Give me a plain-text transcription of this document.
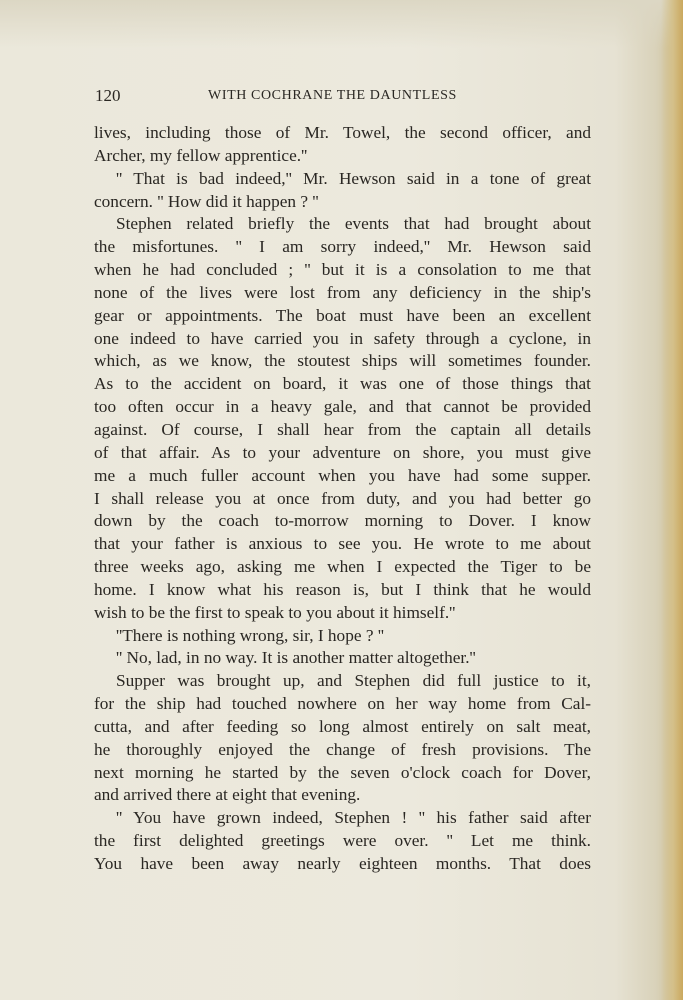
120	WITH COCHRANE THE DAUNTLESS
lives, including those of Mr. Towel, the second officer, and
Archer, my fellow apprentice.''
'' That is bad indeed,'' Mr. Hewson said in a tone of great
concern. '' How did it happen ? ''
Stephen related briefly the events that had brought about
the misfortunes. '' I am sorry indeed,'' Mr. Hewson said
when he had concluded ; '' but it is a consolation to me that
none of the lives were lost from any deficiency in the ship's
gear or appointments. The boat must have been an excellent
one indeed to have carried you in safety through a cyclone, in
which, as we know, the stoutest ships will sometimes founder.
As to the accident on board, it was one of those things that
too often occur in a heavy gale, and that cannot be provided
against. Of course, I shall hear from the captain all details
of that affair. As to your adventure on shore, you must give
me a much fuller account when you have had some supper.
I shall release you at once from duty, and you had better go
down by the coach to-morrow morning to Dover. I know
that your father is anxious to see you. He wrote to me about
three weeks ago, asking me when I expected the Tiger to be
home. I know what his reason is, but I think that he would
wish to be the first to speak to you about it himself.''
''There is nothing wrong, sir, I hope ? ''
'' No, lad, in no way. It is another matter altogether.''
Supper was brought up, and Stephen did full justice to it,
for the ship had touched nowhere on her way home from Cal-
cutta, and after feeding so long almost entirely on salt meat,
he thoroughly enjoyed the change of fresh provisions. The
next morning he started by the seven o'clock coach for Dover,
and arrived there at eight that evening.
'' You have grown indeed, Stephen ! '' his father said after
the first delighted greetings were over. '' Let me think.
You have been away nearly eighteen months. That does
